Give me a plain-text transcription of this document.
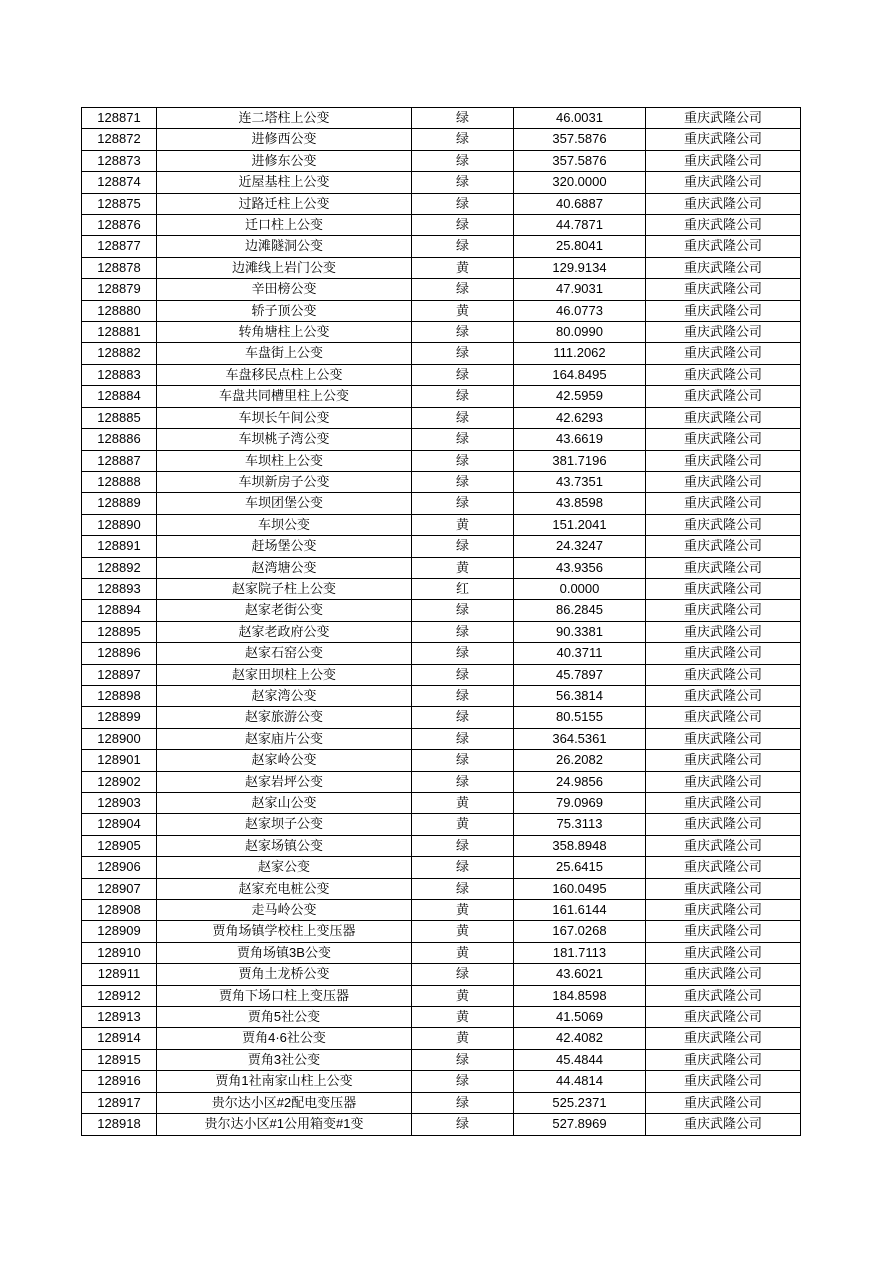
128871	连二塔柱上公变	绿	46.0031	重庆武隆公司
128872	进修西公变	绿	357.5876	重庆武隆公司
128873	进修东公变	绿	357.5876	重庆武隆公司
128874	近屋基柱上公变	绿	320.0000	重庆武隆公司
128875	过路迁柱上公变	绿	40.6887	重庆武隆公司
128876	迁口柱上公变	绿	44.7871	重庆武隆公司
128877	边滩隧洞公变	绿	25.8041	重庆武隆公司
128878	边滩线上岩门公变	黄	129.9134	重庆武隆公司
128879	辛田榜公变	绿	47.9031	重庆武隆公司
128880	轿子顶公变	黄	46.0773	重庆武隆公司
128881	转角塘柱上公变	绿	80.0990	重庆武隆公司
128882	车盘街上公变	绿	111.2062	重庆武隆公司
128883	车盘移民点柱上公变	绿	164.8495	重庆武隆公司
128884	车盘共同槽里柱上公变	绿	42.5959	重庆武隆公司
128885	车坝长午间公变	绿	42.6293	重庆武隆公司
128886	车坝桃子湾公变	绿	43.6619	重庆武隆公司
128887	车坝柱上公变	绿	381.7196	重庆武隆公司
128888	车坝新房子公变	绿	43.7351	重庆武隆公司
128889	车坝团堡公变	绿	43.8598	重庆武隆公司
128890	车坝公变	黄	151.2041	重庆武隆公司
128891	赶场堡公变	绿	24.3247	重庆武隆公司
128892	赵湾塘公变	黄	43.9356	重庆武隆公司
128893	赵家院子柱上公变	红	0.0000	重庆武隆公司
128894	赵家老街公变	绿	86.2845	重庆武隆公司
128895	赵家老政府公变	绿	90.3381	重庆武隆公司
128896	赵家石窑公变	绿	40.3711	重庆武隆公司
128897	赵家田坝柱上公变	绿	45.7897	重庆武隆公司
128898	赵家湾公变	绿	56.3814	重庆武隆公司
128899	赵家旅游公变	绿	80.5155	重庆武隆公司
128900	赵家庙片公变	绿	364.5361	重庆武隆公司
128901	赵家岭公变	绿	26.2082	重庆武隆公司
128902	赵家岩坪公变	绿	24.9856	重庆武隆公司
128903	赵家山公变	黄	79.0969	重庆武隆公司
128904	赵家坝子公变	黄	75.3113	重庆武隆公司
128905	赵家场镇公变	绿	358.8948	重庆武隆公司
128906	赵家公变	绿	25.6415	重庆武隆公司
128907	赵家充电桩公变	绿	160.0495	重庆武隆公司
128908	走马岭公变	黄	161.6144	重庆武隆公司
128909	贾角场镇学校柱上变压器	黄	167.0268	重庆武隆公司
128910	贾角场镇3B公变	黄	181.7113	重庆武隆公司
128911	贾角土龙桥公变	绿	43.6021	重庆武隆公司
128912	贾角下场口柱上变压器	黄	184.8598	重庆武隆公司
128913	贾角5社公变	黄	41.5069	重庆武隆公司
128914	贾角4·6社公变	黄	42.4082	重庆武隆公司
128915	贾角3社公变	绿	45.4844	重庆武隆公司
128916	贾角1社南家山柱上公变	绿	44.4814	重庆武隆公司
128917	贵尔达小区#2配电变压器	绿	525.2371	重庆武隆公司
128918	贵尔达小区#1公用箱变#1变	绿	527.8969	重庆武隆公司
